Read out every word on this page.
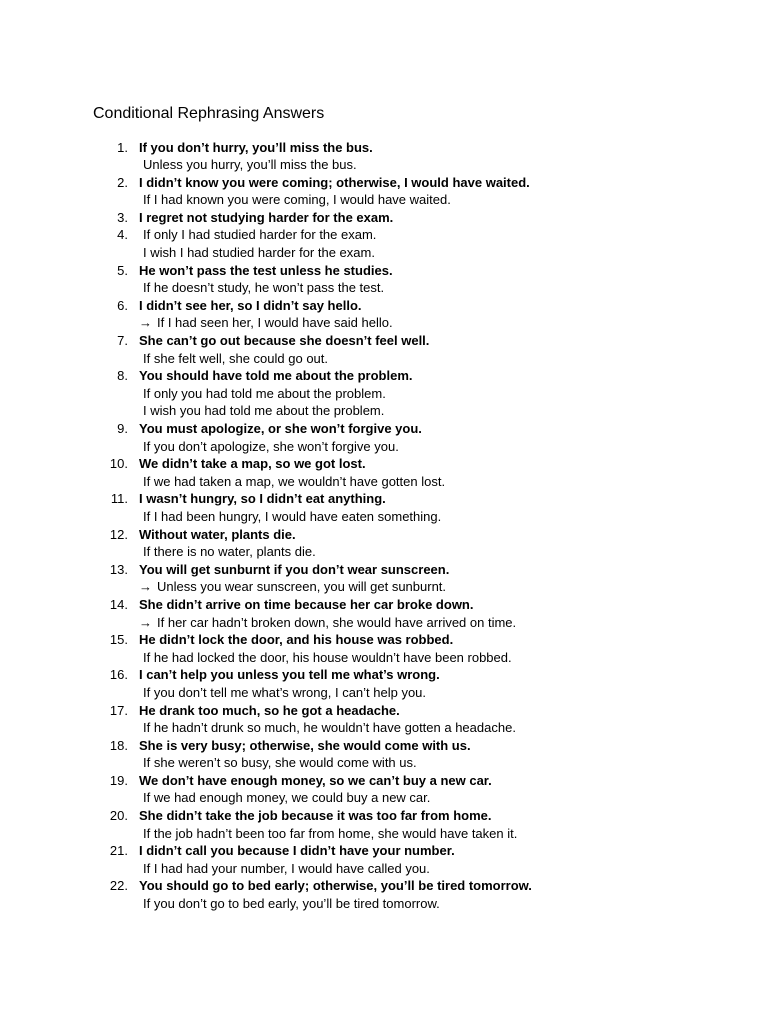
Conditional Rephrasing Answers
1. If you don’t hurry, you’ll miss the bus.
Unless you hurry, you’ll miss the bus.
2. I didn’t know you were coming; otherwise, I would have waited.
If I had known you were coming, I would have waited.
3. I regret not studying harder for the exam.
4. If only I had studied harder for the exam.
I wish I had studied harder for the exam.
5. He won’t pass the test unless he studies.
If he doesn’t study, he won’t pass the test.
6. I didn’t see her, so I didn’t say hello.
→ If I had seen her, I would have said hello.
7. She can’t go out because she doesn’t feel well.
If she felt well, she could go out.
8. You should have told me about the problem.
If only you had told me about the problem.
I wish you had told me about the problem.
9. You must apologize, or she won’t forgive you.
If you don’t apologize, she won’t forgive you.
10. We didn’t take a map, so we got lost.
If we had taken a map, we wouldn’t have gotten lost.
11. I wasn’t hungry, so I didn’t eat anything.
If I had been hungry, I would have eaten something.
12. Without water, plants die.
If there is no water, plants die.
13. You will get sunburnt if you don’t wear sunscreen.
→ Unless you wear sunscreen, you will get sunburnt.
14. She didn’t arrive on time because her car broke down.
→ If her car hadn’t broken down, she would have arrived on time.
15. He didn’t lock the door, and his house was robbed.
If he had locked the door, his house wouldn’t have been robbed.
16. I can’t help you unless you tell me what’s wrong.
If you don’t tell me what’s wrong, I can’t help you.
17. He drank too much, so he got a headache.
If he hadn’t drunk so much, he wouldn’t have gotten a headache.
18. She is very busy; otherwise, she would come with us.
If she weren’t so busy, she would come with us.
19. We don’t have enough money, so we can’t buy a new car.
If we had enough money, we could buy a new car.
20. She didn’t take the job because it was too far from home.
If the job hadn’t been too far from home, she would have taken it.
21. I didn’t call you because I didn’t have your number.
If I had had your number, I would have called you.
22. You should go to bed early; otherwise, you’ll be tired tomorrow.
If you don’t go to bed early, you’ll be tired tomorrow.
